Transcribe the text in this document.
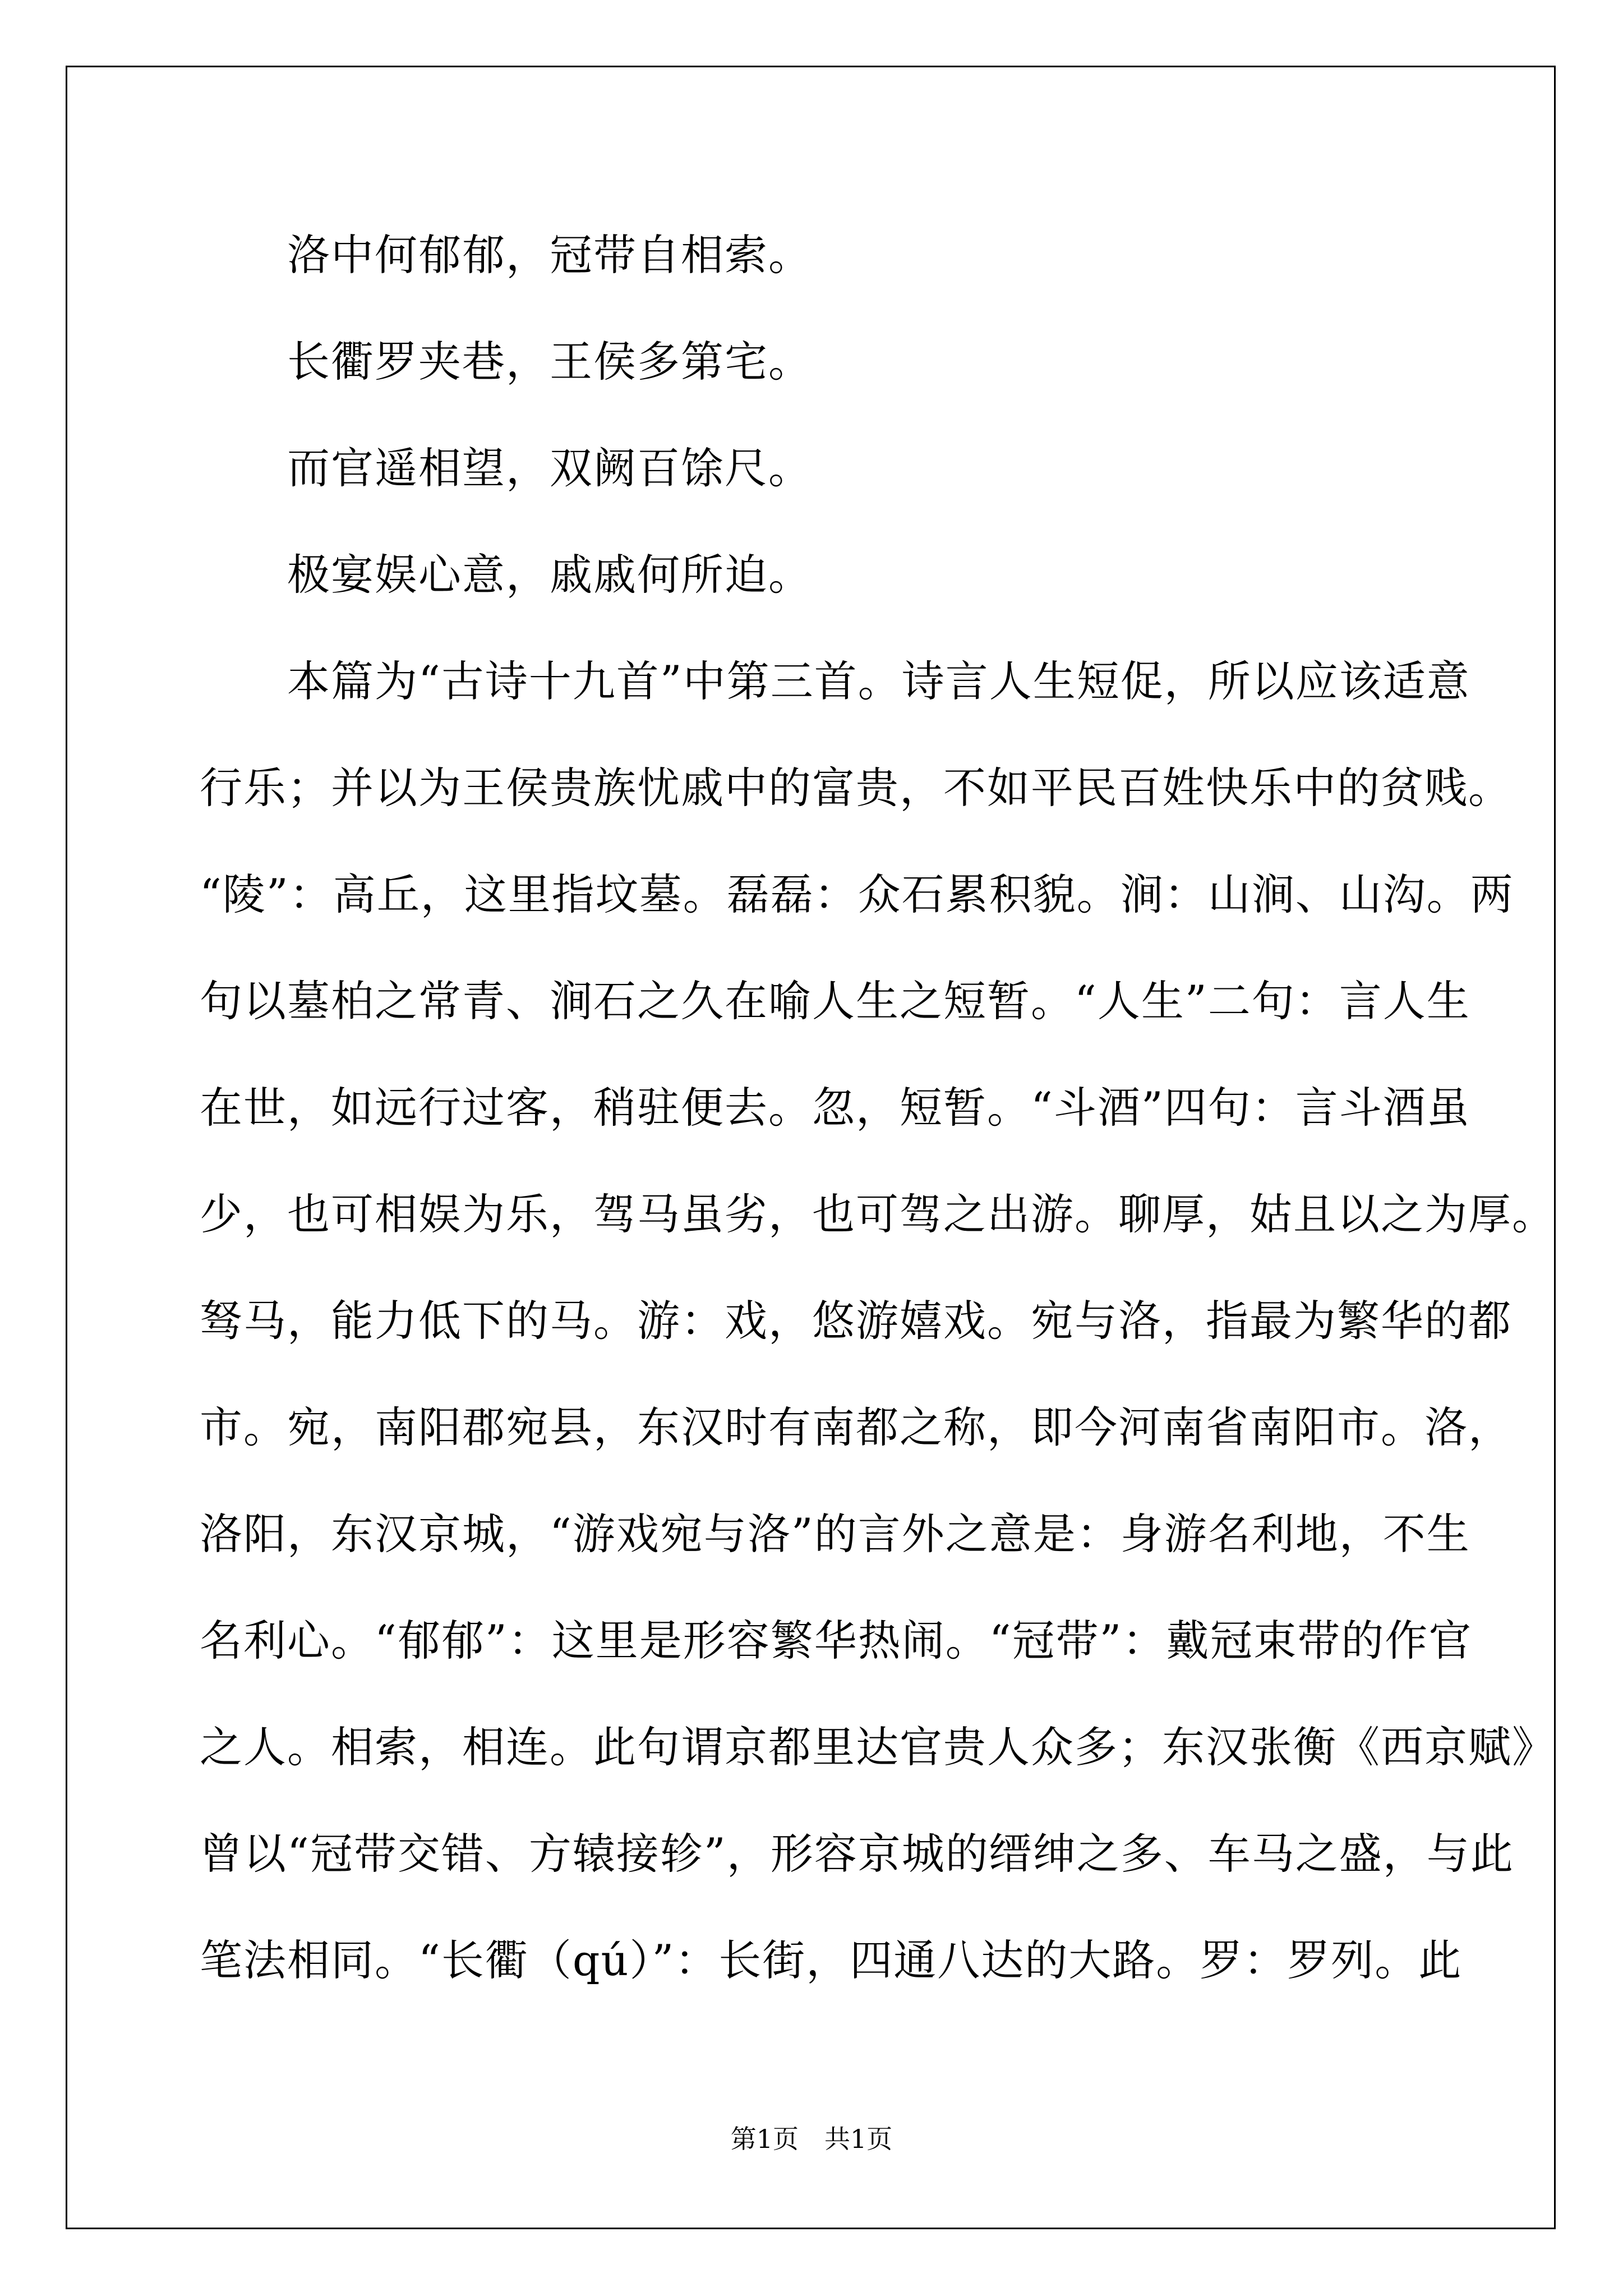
　　洛中何郁郁，冠带自相索。
　　长衢罗夹巷，王侯多第宅。
　　而官遥相望，双阙百馀尺。
　　极宴娱心意，戚戚何所迫。
　　本篇为“古诗十九首”中第三首。诗言人生短促，所以应该适意
行乐；并以为王侯贵族忧戚中的富贵，不如平民百姓快乐中的贫贱。
“陵”：高丘，这里指坟墓。磊磊：众石累积貌。涧：山涧、山沟。两
句以墓柏之常青、涧石之久在喻人生之短暂。“人生”二句：言人生
在世，如远行过客，稍驻便去。忽，短暂。“斗酒”四句：言斗酒虽
少，也可相娱为乐，驾马虽劣，也可驾之出游。聊厚，姑且以之为厚。
驽马，能力低下的马。游：戏，悠游嬉戏。宛与洛，指最为繁华的都
市。宛，南阳郡宛县，东汉时有南都之称，即今河南省南阳市。洛，
洛阳，东汉京城，“游戏宛与洛”的言外之意是：身游名利地，不生
名利心。“郁郁”：这里是形容繁华热闹。“冠带”：戴冠束带的作官
之人。相索，相连。此句谓京都里达官贵人众多；东汉张衡《西京赋》
曾以“冠带交错、方辕接轸”，形容京城的缙绅之多、车马之盛，与此
笔法相同。“长衢（qú）”：长街，四通八达的大路。罗：罗列。此
第1页　共1页
